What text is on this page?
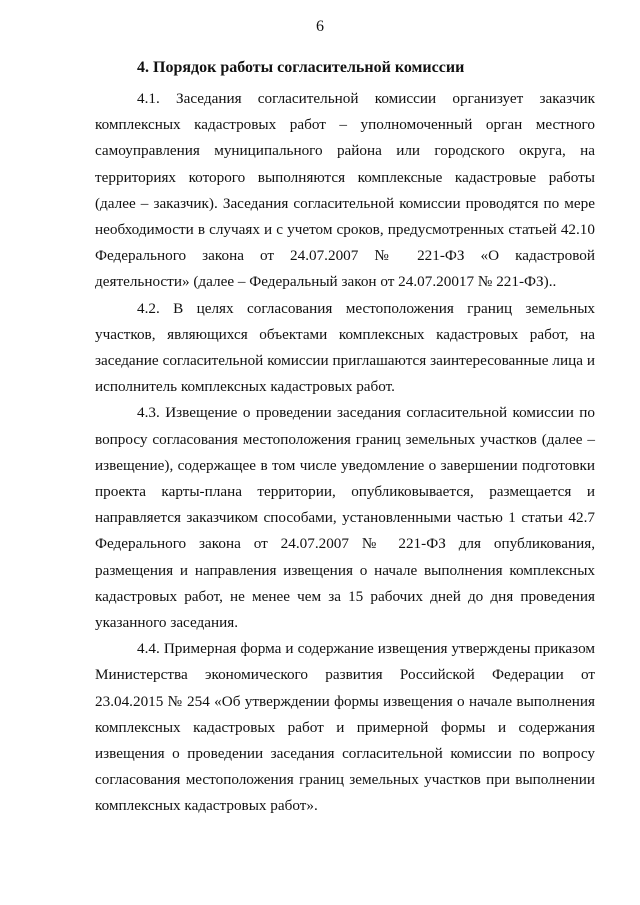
6
4. Порядок работы согласительной комиссии

4.1. Заседания согласительной комиссии организует заказчик комплексных кадастровых работ – уполномоченный орган местного самоуправления муниципального района или городского округа, на территориях которого выполняются комплексные кадастровые работы (далее – заказчик). Заседания согласительной комиссии проводятся по мере необходимости в случаях и с учетом сроков, предусмотренных статьей 42.10 Федерального закона от 24.07.2007 № 221-ФЗ «О кадастровой деятельности» (далее – Федеральный закон от 24.07.20017 № 221-ФЗ)..

4.2. В целях согласования местоположения границ земельных участков, являющихся объектами комплексных кадастровых работ, на заседание согласительной комиссии приглашаются заинтересованные лица и исполнитель комплексных кадастровых работ.

4.3. Извещение о проведении заседания согласительной комиссии по вопросу согласования местоположения границ земельных участков (далее – извещение), содержащее в том числе уведомление о завершении подготовки проекта карты-плана территории, опубликовывается, размещается и направляется заказчиком способами, установленными частью 1 статьи 42.7 Федерального закона от 24.07.2007 № 221-ФЗ для опубликования, размещения и направления извещения о начале выполнения комплексных кадастровых работ, не менее чем за 15 рабочих дней до дня проведения указанного заседания.

4.4. Примерная форма и содержание извещения утверждены приказом Министерства экономического развития Российской Федерации от 23.04.2015 № 254 «Об утверждении формы извещения о начале выполнения комплексных кадастровых работ и примерной формы и содержания извещения о проведении заседания согласительной комиссии по вопросу согласования местоположения границ земельных участков при выполнении комплексных кадастровых работ».
